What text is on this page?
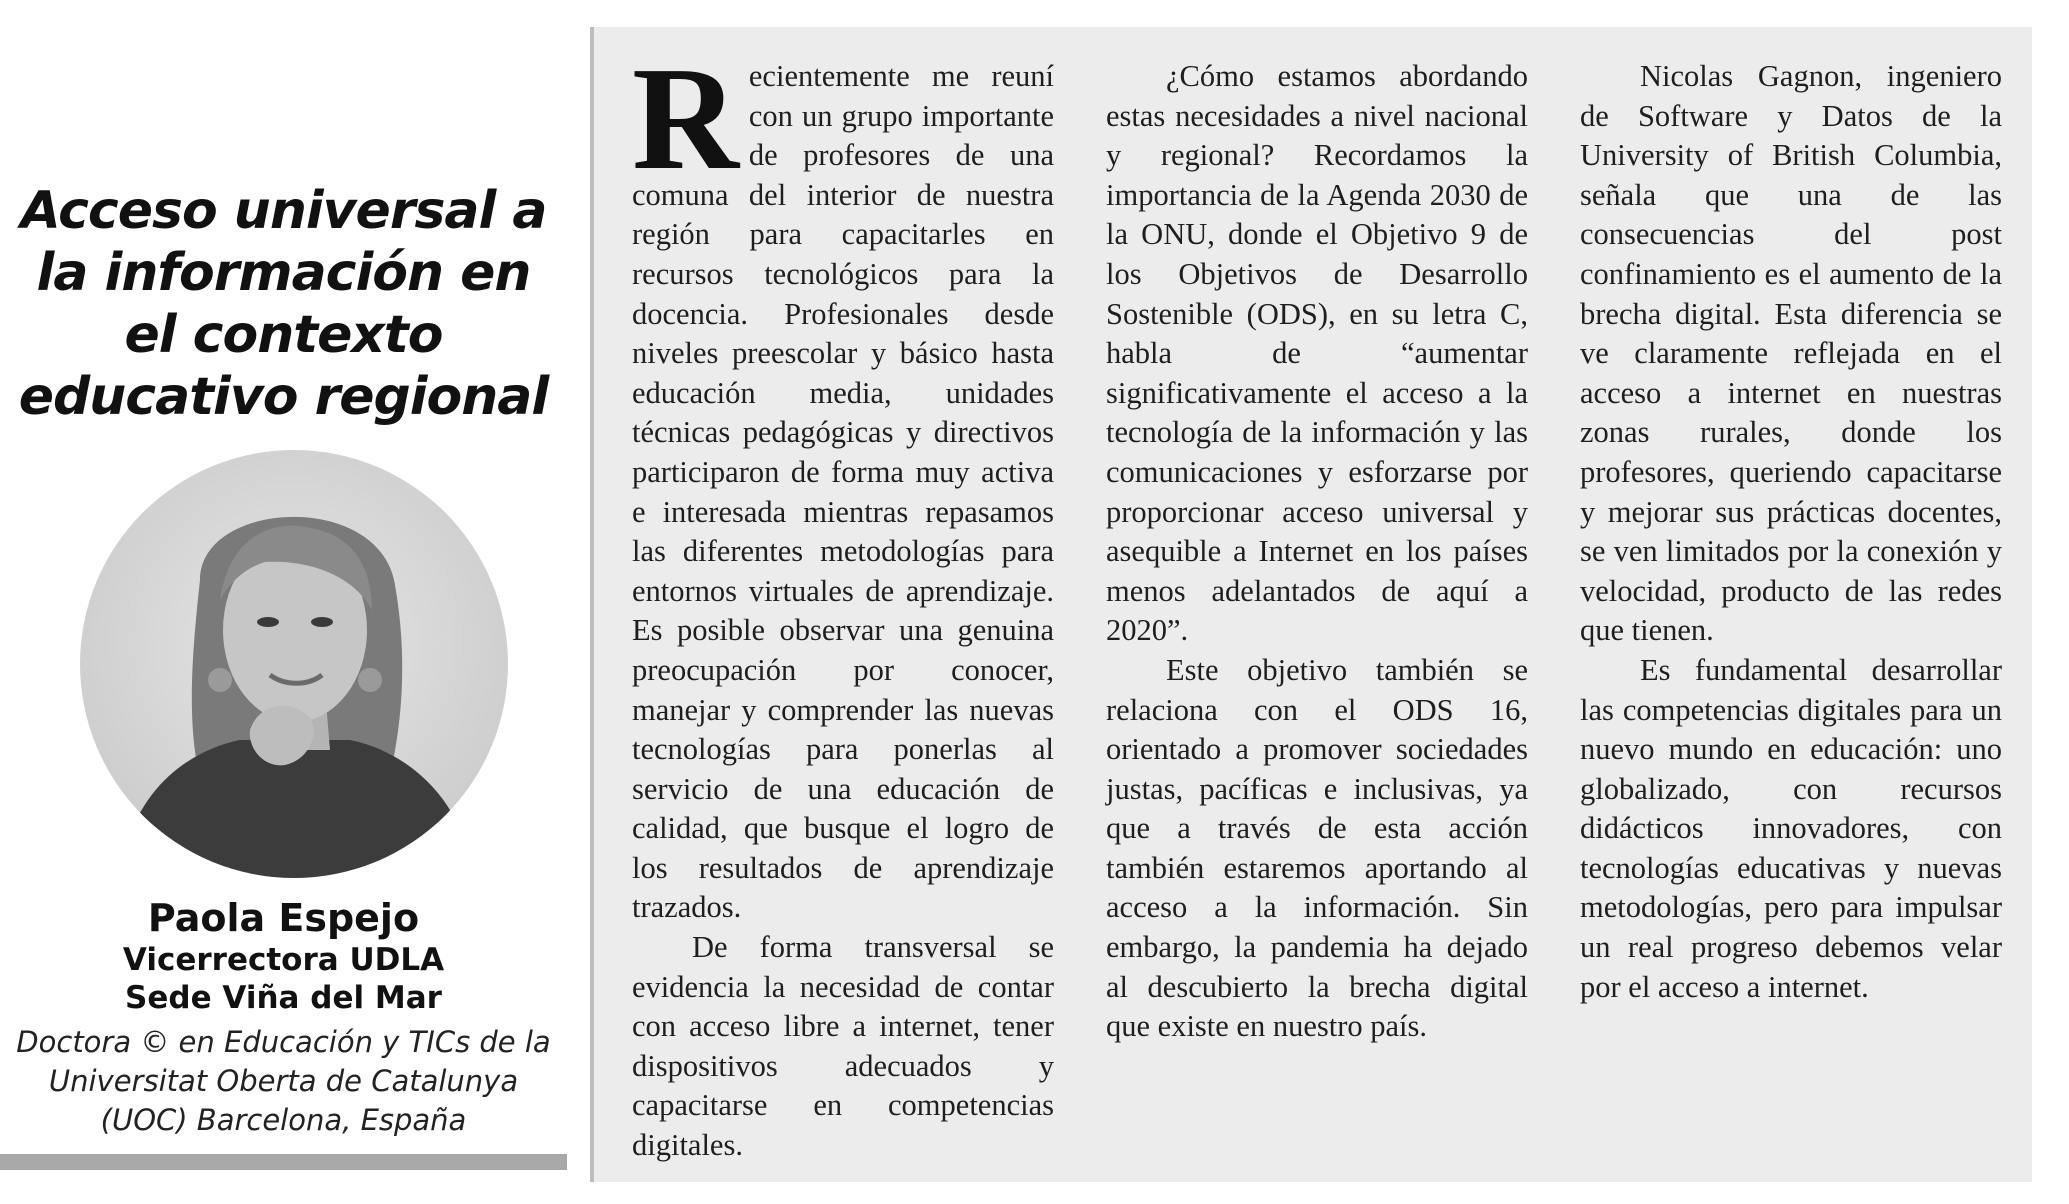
Acceso universal a la información en el contexto educativo regional
Paola Espejo
Vicerrectora UDLA
Sede Viña del Mar
Doctora © en Educación y TICs de la Universitat Oberta de Catalunya (UOC) Barcelona, España

Recientemente me reuní con un grupo importante de profesores de una comuna del interior de nuestra región para capacitarles en recursos tecnológicos para la docencia. Profesionales desde niveles preescolar y básico hasta educación media, unidades técnicas pedagógicas y directivos participaron de forma muy activa e interesada mientras repasamos las diferentes metodologías para entornos virtuales de aprendizaje. Es posible observar una genuina preocupación por conocer, manejar y comprender las nuevas tecnologías para ponerlas al servicio de una educación de calidad, que busque el logro de los resultados de aprendizaje trazados.

De forma transversal se evidencia la necesidad de contar con acceso libre a internet, tener dispositivos adecuados y capacitarse en competencias digitales.

¿Cómo estamos abordando estas necesidades a nivel nacional y regional? Recordamos la importancia de la Agenda 2030 de la ONU, donde el Objetivo 9 de los Objetivos de Desarrollo Sostenible (ODS), en su letra C, habla de “aumentar significativamente el acceso a la tecnología de la información y las comunicaciones y esforzarse por proporcionar acceso universal y asequible a Internet en los países menos adelantados de aquí a 2020”.

Este objetivo también se relaciona con el ODS 16, orientado a promover sociedades justas, pacíficas e inclusivas, ya que a través de esta acción también estaremos aportando al acceso a la información. Sin embargo, la pandemia ha dejado al descubierto la brecha digital que existe en nuestro país.

Nicolas Gagnon, ingeniero de Software y Datos de la University of British Columbia, señala que una de las consecuencias del post confinamiento es el aumento de la brecha digital. Esta diferencia se ve claramente reflejada en el acceso a internet en nuestras zonas rurales, donde los profesores, queriendo capacitarse y mejorar sus prácticas docentes, se ven limitados por la conexión y velocidad, producto de las redes que tienen.

Es fundamental desarrollar las competencias digitales para un nuevo mundo en educación: uno globalizado, con recursos didácticos innovadores, con tecnologías educativas y nuevas metodologías, pero para impulsar un real progreso debemos velar por el acceso a internet.
